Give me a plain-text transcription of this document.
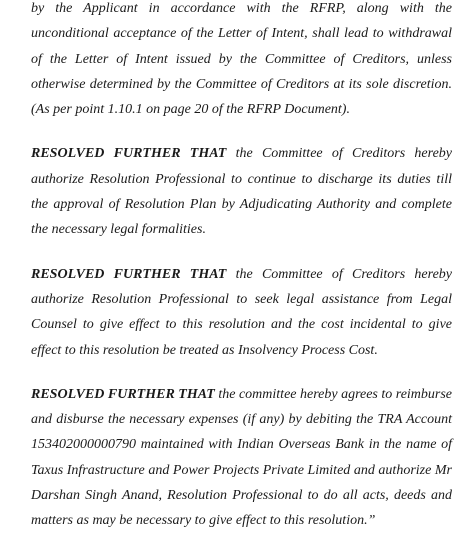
by the Applicant in accordance with the RFRP, along with the unconditional acceptance of the Letter of Intent, shall lead to withdrawal of the Letter of Intent issued by the Committee of Creditors, unless otherwise determined by the Committee of Creditors at its sole discretion. (As per point 1.10.1 on page 20 of the RFRP Document).

RESOLVED FURTHER THAT the Committee of Creditors hereby authorize Resolution Professional to continue to discharge its duties till the approval of Resolution Plan by Adjudicating Authority and complete the necessary legal formalities.

RESOLVED FURTHER THAT the Committee of Creditors hereby authorize Resolution Professional to seek legal assistance from Legal Counsel to give effect to this resolution and the cost incidental to give effect to this resolution be treated as Insolvency Process Cost.

RESOLVED FURTHER THAT the committee hereby agrees to reimburse and disburse the necessary expenses (if any) by debiting the TRA Account 153402000000790 maintained with Indian Overseas Bank in the name of Taxus Infrastructure and Power Projects Private Limited and authorize Mr Darshan Singh Anand, Resolution Professional to do all acts, deeds and matters as may be necessary to give effect to this resolution.”
